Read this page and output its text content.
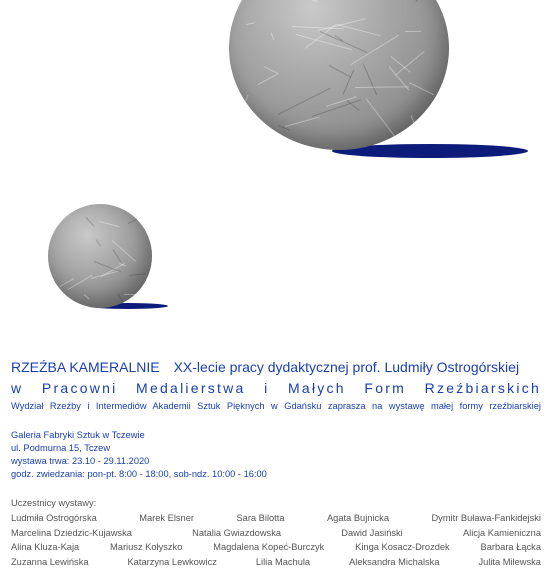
RZEŹBA KAMERALNIE XX-lecie pracy dydaktycznej prof. Ludmiły Ostrogórskiej
w Pracowni Medalierstwa i Małych Form Rzeźbiarskich
Wydział Rzeźby i Intermediów Akademii Sztuk Pięknych w Gdańsku zaprasza na wystawę małej formy rzeźbiarskiej
Galeria Fabryki Sztuk w Tczewie
ul. Podmurna 15, Tczew
wystawa trwa: 23.10 - 29.11.2020
godz. zwiedzania: pon-pt. 8:00 - 18:00, sob-ndz. 10:00 - 16:00
Uczestnicy wystawy:
Ludmiła Ostrogórska	Marek Elsner	Sara Bilotta	Agata Bujnicka	Dymitr Buława-Fankidejski
Marcelina Dziedzic-Kujawska	Natalia Gwiazdowska	Dawid Jasiński	Alicja Kamieniczna
Alina Kluza-Kaja	Mariusz Kołyszko	Magdalena Kopeć-Burczyk	Kinga Kosacz-Drozdek	Barbara Łącka
Zuzanna Lewińska	Katarzyna Lewkowicz	Lilia Machula	Aleksandra Michalska	Julita Milewska
